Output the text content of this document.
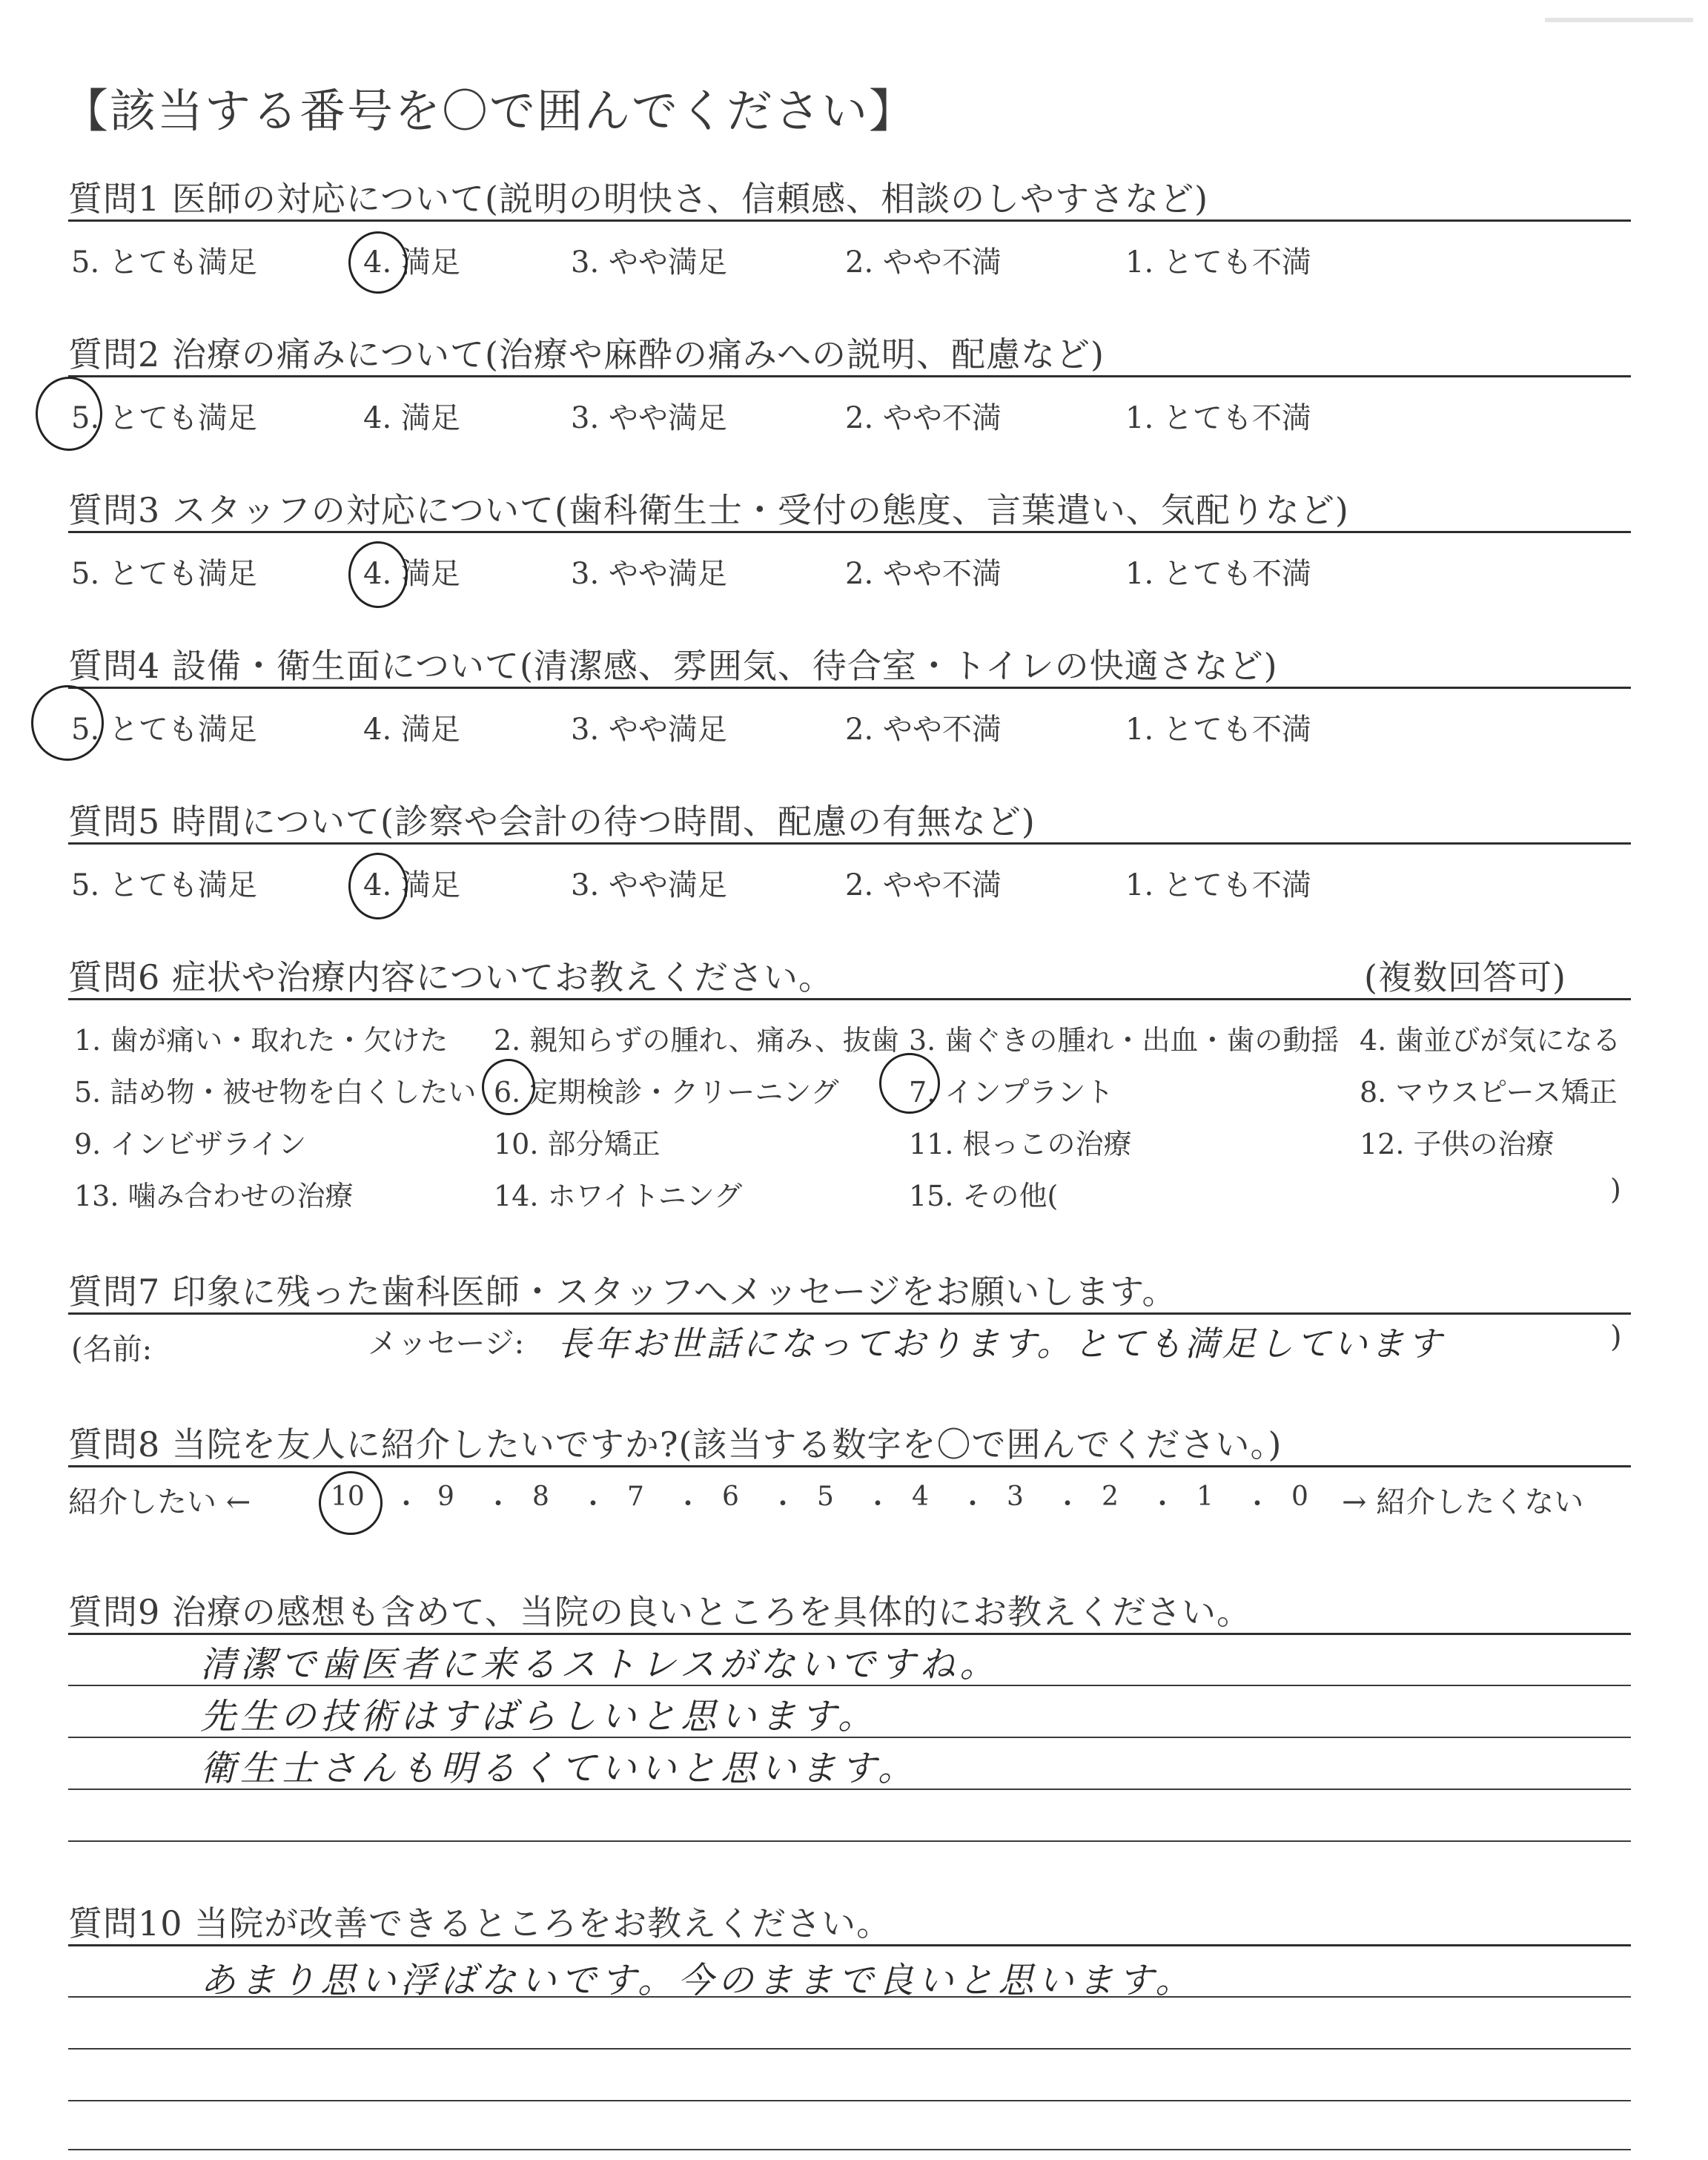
【該当する番号を〇で囲んでください】
質問1 医師の対応について(説明の明快さ、信頼感、相談のしやすさなど)
5. とても満足	4. 満足	3. やや満足	2. やや不満	1. とても不満
質問2 治療の痛みについて(治療や麻酔の痛みへの説明、配慮など)
5. とても満足	4. 満足	3. やや満足	2. やや不満	1. とても不満
質問3 スタッフの対応について(歯科衛生士・受付の態度、言葉遣い、気配りなど)
5. とても満足	4. 満足	3. やや満足	2. やや不満	1. とても不満
質問4 設備・衛生面について(清潔感、雰囲気、待合室・トイレの快適さなど)
5. とても満足	4. 満足	3. やや満足	2. やや不満	1. とても不満
質問5 時間について(診察や会計の待つ時間、配慮の有無など)
5. とても満足	4. 満足	3. やや満足	2. やや不満	1. とても不満
質問6 症状や治療内容についてお教えください。	(複数回答可)
1. 歯が痛い・取れた・欠けた 2. 親知らずの腫れ、痛み、抜歯 3. 歯ぐきの腫れ・出血・歯の動揺 4. 歯並びが気になる
5. 詰め物・被せ物を白くしたい 6. 定期検診・クリーニング 7. インプラント	8. マウスピース矯正
9. インビザライン	10. 部分矯正	11. 根っこの治療	12. 子供の治療
13. 噛み合わせの治療	14. ホワイトニング	15. その他(	)
質問7 印象に残った歯科医師・スタッフへメッセージをお願いします。
(名前:	メッセージ: 長年お世話になっております。とても満足しています	)
質問8 当院を友人に紹介したいですか?(該当する数字を〇で囲んでください。)
紹介したい ←	10 ・ 9 ・ 8 ・ 7 ・ 6 ・ 5 ・ 4 ・ 3 ・ 2 ・ 1 ・ 0 → 紹介したくない
質問9 治療の感想も含めて、当院の良いところを具体的にお教えください。
清潔で歯医者に来るストレスがないですね。
先生の技術はすばらしいと思います。
衛生士さんも明るくていいと思います。
質問10 当院が改善できるところをお教えください。
あまり思い浮ばないです。今のままで良いと思います。
